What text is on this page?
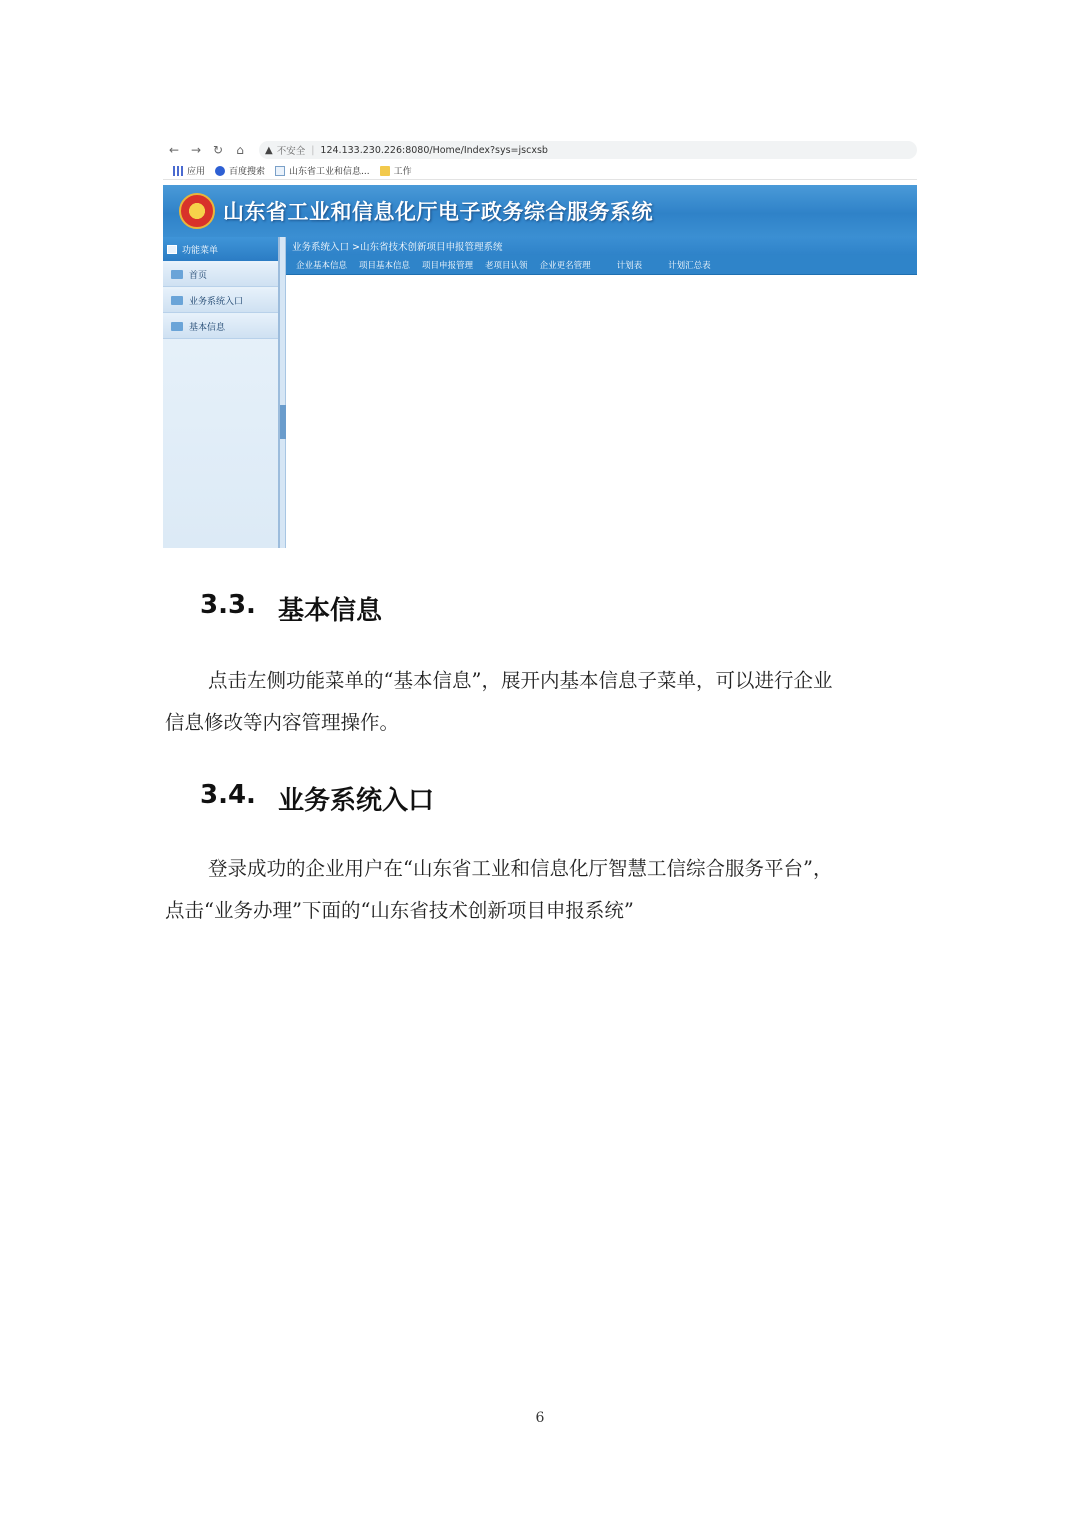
← → ↻	⌂	▲ 不安全 | 124.133.230.226:8080/Home/Index?sys=jscxsb
应用	百度搜索	山东省工业和信息...	工作
山东省工业和信息化厅电子政务综合服务系统
功能菜单
首页
业务系统入口
基本信息
业务系统入口 >山东省技术创新项目申报管理系统
企业基本信息 项目基本信息 项目申报管理 老项目认领 企业更名管理	计划表	计划汇总表
3.3. 基本信息
点击左侧功能菜单的“基本信息”，展开内基本信息子菜单，可以进行企业
信息修改等内容管理操作。
3.4. 业务系统入口
登录成功的企业用户在“山东省工业和信息化厅智慧工信综合服务平台”，
点击“业务办理”下面的“山东省技术创新项目申报系统”
6
